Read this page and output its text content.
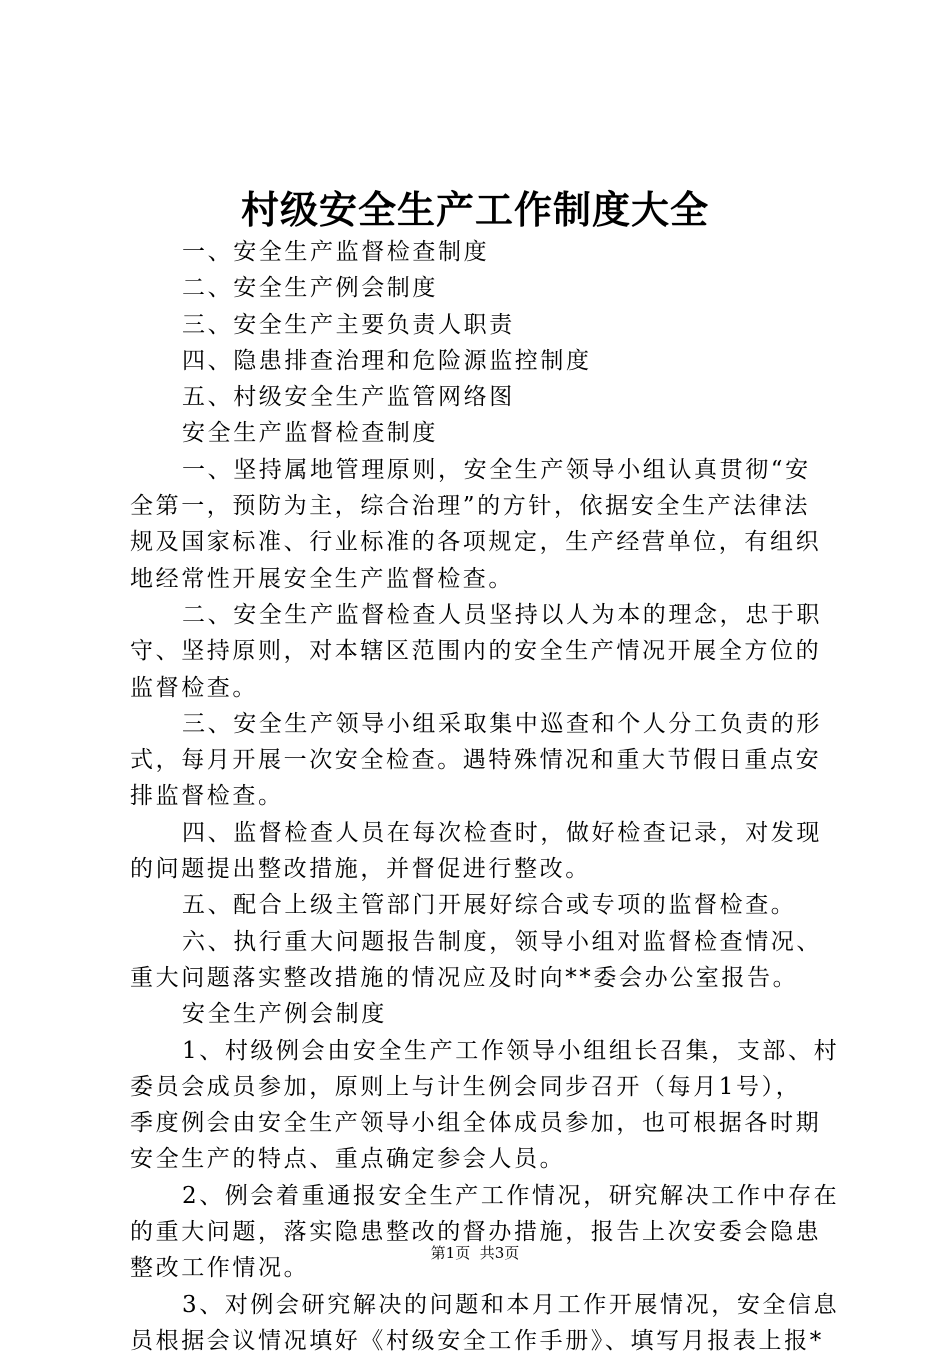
村级安全生产工作制度大全
一、安全生产监督检查制度
二、安全生产例会制度
三、安全生产主要负责人职责
四、隐患排查治理和危险源监控制度
五、村级安全生产监管网络图
安全生产监督检查制度
一、坚持属地管理原则，安全生产领导小组认真贯彻“安
全第一，预防为主，综合治理”的方针，依据安全生产法律法
规及国家标准、行业标准的各项规定，生产经营单位，有组织
地经常性开展安全生产监督检查。
二、安全生产监督检查人员坚持以人为本的理念，忠于职
守、坚持原则，对本辖区范围内的安全生产情况开展全方位的
监督检查。
三、安全生产领导小组采取集中巡查和个人分工负责的形
式，每月开展一次安全检查。遇特殊情况和重大节假日重点安
排监督检查。
四、监督检查人员在每次检查时，做好检查记录，对发现
的问题提出整改措施，并督促进行整改。
五、配合上级主管部门开展好综合或专项的监督检查。
六、执行重大问题报告制度，领导小组对监督检查情况、
重大问题落实整改措施的情况应及时向**委会办公室报告。
安全生产例会制度
1、村级例会由安全生产工作领导小组组长召集，支部、村
委员会成员参加，原则上与计生例会同步召开（每月1号），
季度例会由安全生产领导小组全体成员参加，也可根据各时期
安全生产的特点、重点确定参会人员。
2、例会着重通报安全生产工作情况，研究解决工作中存在
的重大问题，落实隐患整改的督办措施，报告上次安委会隐患
整改工作情况。
3、对例会研究解决的问题和本月工作开展情况，安全信息
员根据会议情况填好《村级安全工作手册》、填写月报表上报*
第1页 共3页
